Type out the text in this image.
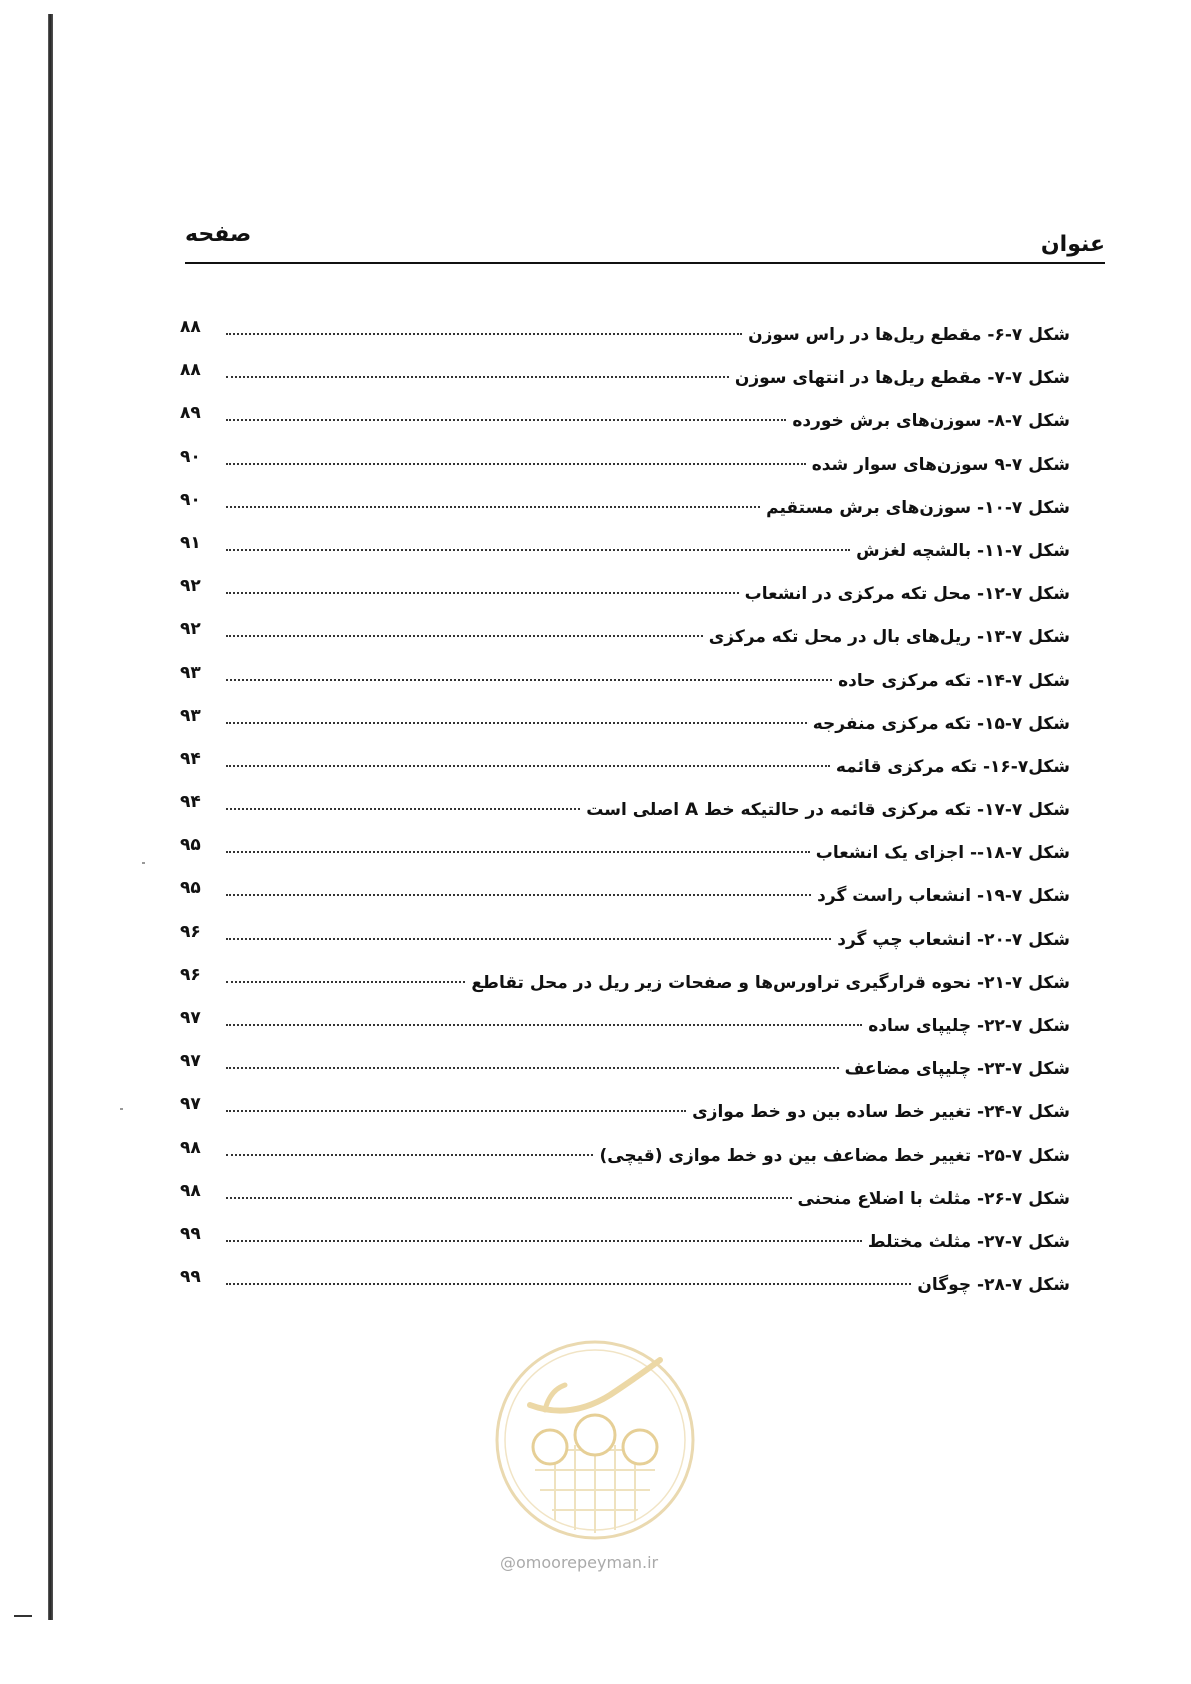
عنوان
صفحه
شکل ۷-۶- مقطع ریل‌ها در راس سوزن
۸۸
شکل ۷-۷- مقطع ریل‌ها در انتهای سوزن
۸۸
شکل ۷-۸- سوزن‌های برش خورده
۸۹
شکل ۷-۹ سوزن‌های سوار شده
۹۰
شکل ۷-۱۰- سوزن‌های برش مستقیم
۹۰
شکل ۷-۱۱- بالشچه لغزش
۹۱
شکل ۷-۱۲- محل تکه مرکزی در انشعاب
۹۲
شکل ۷-۱۳- ریل‌های بال در محل تکه مرکزی
۹۲
شکل ۷-۱۴- تکه مرکزی حاده
۹۳
شکل ۷-۱۵- تکه مرکزی منفرجه
۹۳
شکل۷-۱۶- تکه مرکزی قائمه
۹۴
شکل ۷-۱۷- تکه مرکزی قائمه در حالتیکه خط A اصلی است
۹۴
شکل ۷-۱۸-- اجزای یک انشعاب
۹۵
شکل ۷-۱۹- انشعاب راست گرد
۹۵
شکل ۷-۲۰- انشعاب چپ گرد
۹۶
شکل ۷-۲۱- نحوه قرارگیری تراورس‌ها و صفحات زیر ریل در محل تقاطع
۹۶
شکل ۷-۲۲- چلیپای ساده
۹۷
شکل ۷-۲۳- چلیپای مضاعف
۹۷
شکل ۷-۲۴- تغییر خط ساده بین دو خط موازی
۹۷
شکل ۷-۲۵- تغییر خط مضاعف بین دو خط موازی (قیچی)
۹۸
شکل ۷-۲۶- مثلث با اضلاع منحنی
۹۸
شکل ۷-۲۷- مثلث مختلط
۹۹
شکل ۷-۲۸- چوگان
۹۹
@omoorepeyman.ir
